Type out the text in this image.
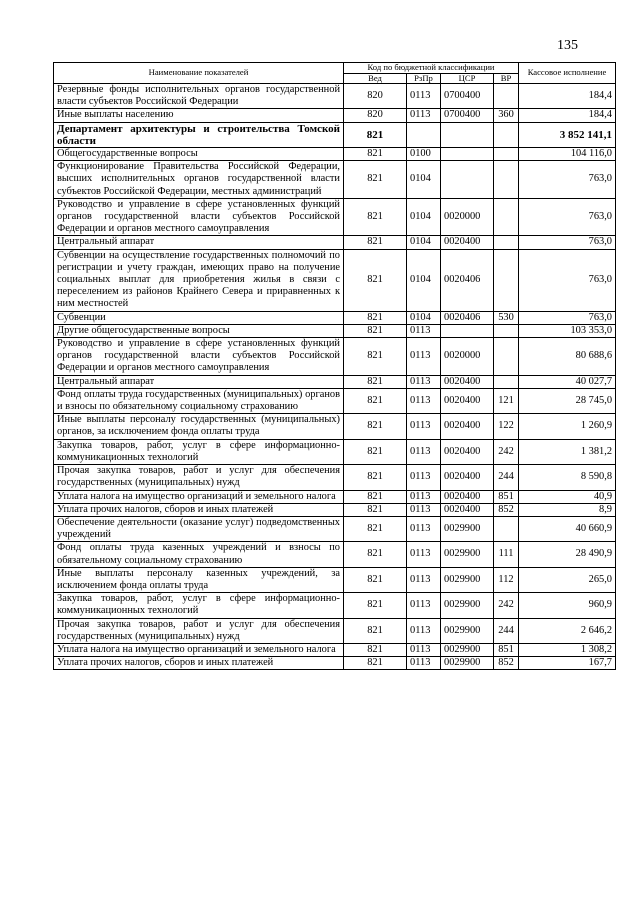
135
Наименование показателей	Код по бюджетной классификации				Кассовое исполнение
	Вед	РзПр	ЦСР	ВР	
Резервные фонды исполнительных органов государственной власти субъектов Российской Федерации	820	0113	0700400		184,4
Иные выплаты населению	820	0113	0700400	360	184,4
Департамент архитектуры и строительства Томской области	821				3 852 141,1
Общегосударственные вопросы	821	0100			104 116,0
Функционирование Правительства Российской Федерации, высших исполнительных органов государственной власти субъектов Российской Федерации, местных администраций	821	0104			763,0
Руководство и управление в сфере установленных функций органов государственной власти субъектов Российской Федерации и органов местного самоуправления	821	0104	0020000		763,0
Центральный аппарат	821	0104	0020400		763,0
Субвенции на осуществление государственных полномочий по регистрации и учету граждан, имеющих право на получение социальных выплат для приобретения жилья в связи с переселением из районов Крайнего Севера и приравненных к ним местностей	821	0104	0020406		763,0
Субвенции	821	0104	0020406	530	763,0
Другие общегосударственные вопросы	821	0113			103 353,0
Руководство и управление в сфере установленных функций органов государственной власти субъектов Российской Федерации и органов местного самоуправления	821	0113	0020000		80 688,6
Центральный аппарат	821	0113	0020400		40 027,7
Фонд оплаты труда государственных (муниципальных) органов и взносы по обязательному социальному страхованию	821	0113	0020400	121	28 745,0
Иные выплаты персоналу государственных (муниципальных) органов, за исключением фонда оплаты труда	821	0113	0020400	122	1 260,9
Закупка товаров, работ, услуг в сфере информационно-коммуникационных технологий	821	0113	0020400	242	1 381,2
Прочая закупка товаров, работ и услуг для обеспечения государственных (муниципальных) нужд	821	0113	0020400	244	8 590,8
Уплата налога на имущество организаций и земельного налога	821	0113	0020400	851	40,9
Уплата прочих налогов, сборов и иных платежей	821	0113	0020400	852	8,9
Обеспечение деятельности (оказание услуг) подведомственных учреждений	821	0113	0029900		40 660,9
Фонд оплаты труда казенных учреждений и взносы по обязательному социальному страхованию	821	0113	0029900	111	28 490,9
Иные выплаты персоналу казенных учреждений, за исключением фонда оплаты труда	821	0113	0029900	112	265,0
Закупка товаров, работ, услуг в сфере информационно-коммуникационных технологий	821	0113	0029900	242	960,9
Прочая закупка товаров, работ и услуг для обеспечения государственных (муниципальных) нужд	821	0113	0029900	244	2 646,2
Уплата налога на имущество организаций и земельного налога	821	0113	0029900	851	1 308,2
Уплата прочих налогов, сборов и иных платежей	821	0113	0029900	852	167,7
